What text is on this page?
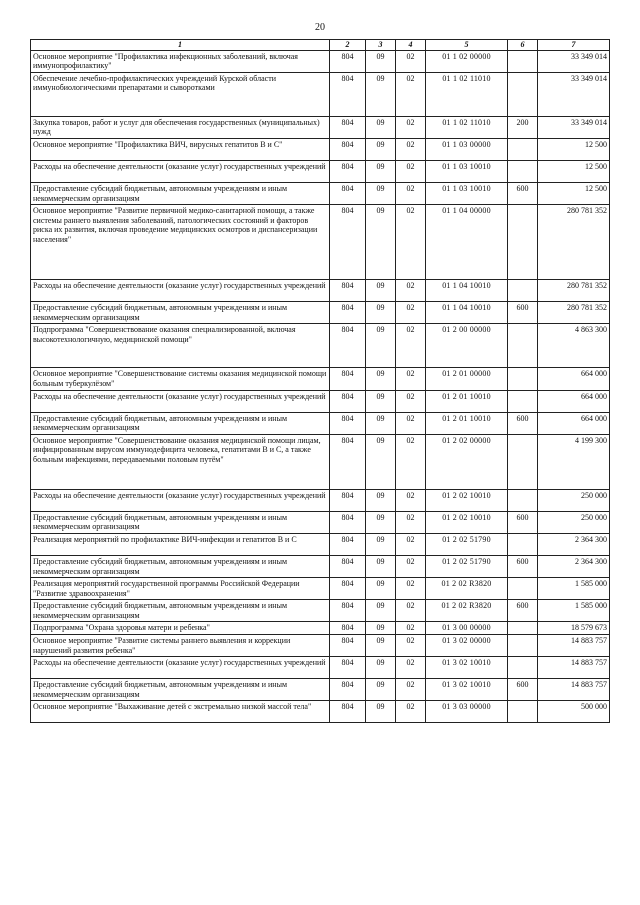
20
1	2	3	4	5	6	7
Основное мероприятие "Профилактика инфекционных заболеваний, включая иммунопрофилактику"	804	09	02	01 1 02 00000		33 349 014
Обеспечение лечебно-профилактических учреждений Курской области иммунобиологическими препаратами и сыворотками	804	09	02	01 1 02 11010		33 349 014
Закупка товаров, работ и услуг для обеспечения государственных (муниципальных) нужд	804	09	02	01 1 02 11010	200	33 349 014
Основное мероприятие "Профилактика ВИЧ, вирусных гепатитов В и С"	804	09	02	01 1 03 00000		12 500
Расходы на обеспечение деятельности (оказание услуг) государственных учреждений	804	09	02	01 1 03 10010		12 500
Предоставление субсидий бюджетным, автономным учреждениям и иным некоммерческим организациям	804	09	02	01 1 03 10010	600	12 500
Основное мероприятие "Развитие первичной медико-санитарной помощи, а также системы раннего выявления заболеваний, патологических состояний и факторов риска их развития, включая проведение медицинских осмотров и диспансеризации населения"	804	09	02	01 1 04 00000		280 781 352
Расходы на обеспечение деятельности (оказание услуг) государственных учреждений	804	09	02	01 1 04 10010		280 781 352
Предоставление субсидий бюджетным, автономным учреждениям и иным некоммерческим организациям	804	09	02	01 1 04 10010	600	280 781 352
Подпрограмма "Совершенствование оказания специализированной, включая высокотехнологичную, медицинской помощи"	804	09	02	01 2 00 00000		4 863 300
Основное мероприятие "Совершенствование системы оказания медицинской помощи больным туберкулёзом"	804	09	02	01 2 01 00000		664 000
Расходы на обеспечение деятельности (оказание услуг) государственных учреждений	804	09	02	01 2 01 10010		664 000
Предоставление субсидий бюджетным, автономным учреждениям и иным некоммерческим организациям	804	09	02	01 2 01 10010	600	664 000
Основное мероприятие "Совершенствование оказания медицинской помощи лицам, инфицированным вирусом иммунодефицита человека, гепатитами В и С, а также больным инфекциями, передаваемыми половым путём"	804	09	02	01 2 02 00000		4 199 300
Расходы на обеспечение деятельности (оказание услуг) государственных учреждений	804	09	02	01 2 02 10010		250 000
Предоставление субсидий бюджетным, автономным учреждениям и иным некоммерческим организациям	804	09	02	01 2 02 10010	600	250 000
Реализация мероприятий по профилактике ВИЧ-инфекции и гепатитов В и С	804	09	02	01 2 02 51790		2 364 300
Предоставление субсидий бюджетным, автономным учреждениям и иным некоммерческим организациям	804	09	02	01 2 02 51790	600	2 364 300
Реализация мероприятий государственной программы Российской Федерации "Развитие здравоохранения"	804	09	02	01 2 02 R3820		1 585 000
Предоставление субсидий бюджетным, автономным учреждениям и иным некоммерческим организациям	804	09	02	01 2 02 R3820	600	1 585 000
Подпрограмма "Охрана здоровья матери и ребенка"	804	09	02	01 3 00 00000		18 579 673
Основное мероприятие "Развитие системы раннего выявления и коррекции нарушений развития ребенка"	804	09	02	01 3 02 00000		14 883 757
Расходы на обеспечение деятельности (оказание услуг) государственных учреждений	804	09	02	01 3 02 10010		14 883 757
Предоставление субсидий бюджетным, автономным учреждениям и иным некоммерческим организациям	804	09	02	01 3 02 10010	600	14 883 757
Основное мероприятие "Выхаживание детей с экстремально низкой массой тела"	804	09	02	01 3 03 00000		500 000
